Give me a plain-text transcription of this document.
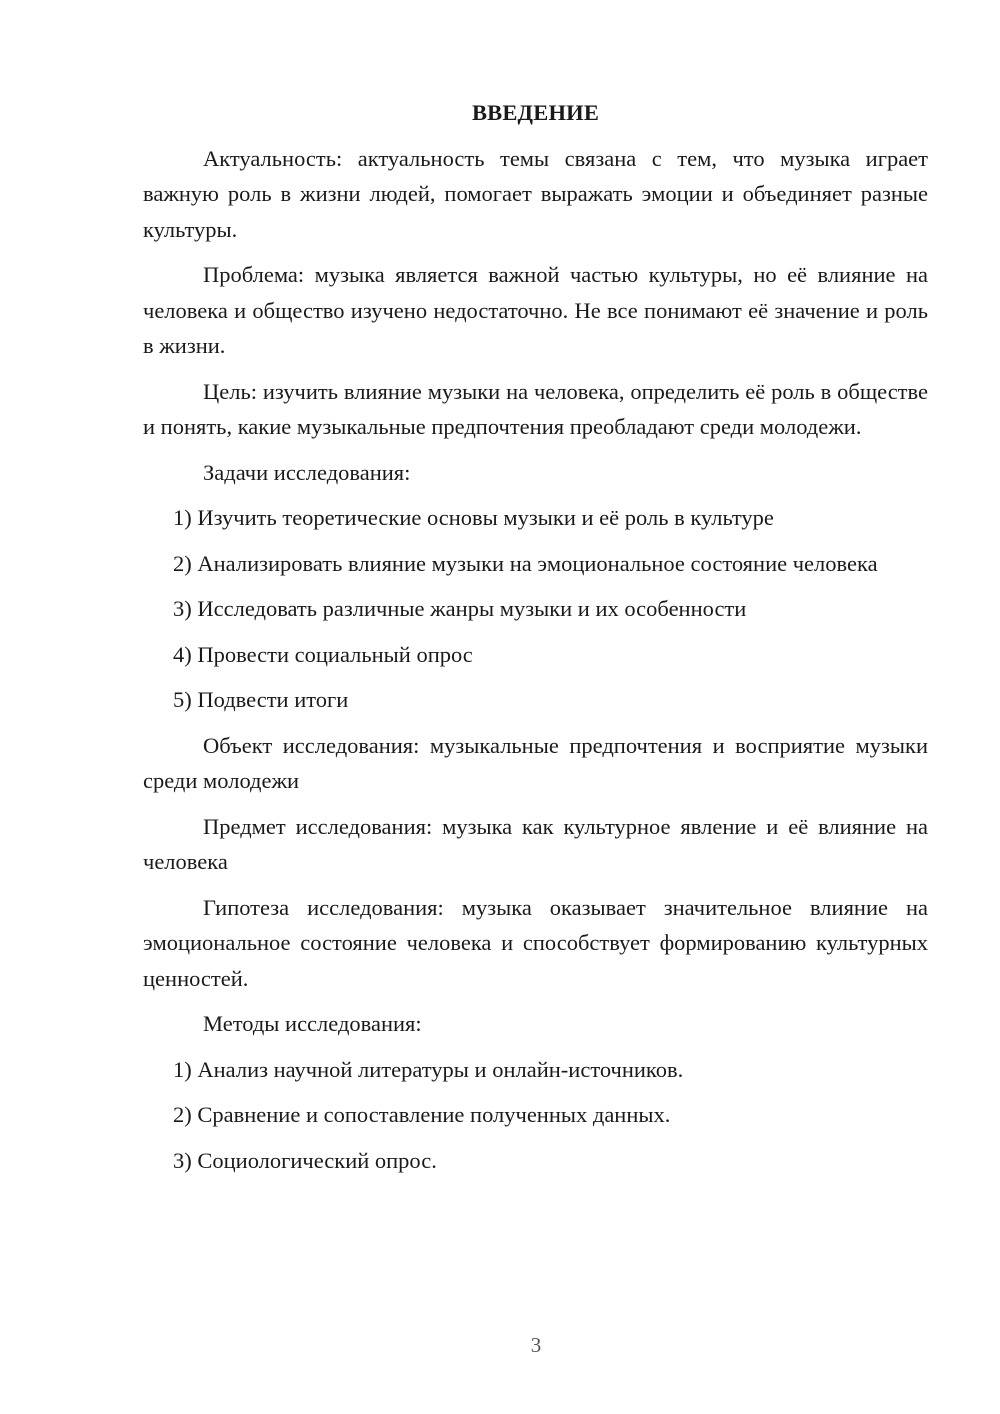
ВВЕДЕНИЕ

Актуальность: актуальность темы связана с тем, что музыка играет важную роль в жизни людей, помогает выражать эмоции и объединяет разные культуры.

Проблема: музыка является важной частью культуры, но её влияние на человека и общество изучено недостаточно. Не все понимают её значение и роль в жизни.

Цель: изучить влияние музыки на человека, определить её роль в обществе и понять, какие музыкальные предпочтения преобладают среди молодежи.

Задачи исследования:

1) Изучить теоретические основы музыки и её роль в культуре

2) Анализировать влияние музыки на эмоциональное состояние человека

3) Исследовать различные жанры музыки и их особенности

4) Провести социальный опрос

5) Подвести итоги

Объект исследования: музыкальные предпочтения и восприятие музыки среди молодежи

Предмет исследования: музыка как культурное явление и её влияние на человека

Гипотеза исследования: музыка оказывает значительное влияние на эмоциональное состояние человека и способствует формированию культурных ценностей.

Методы исследования:

1) Анализ научной литературы и онлайн-источников.

2) Сравнение и сопоставление полученных данных.

3) Социологический опрос.

3
